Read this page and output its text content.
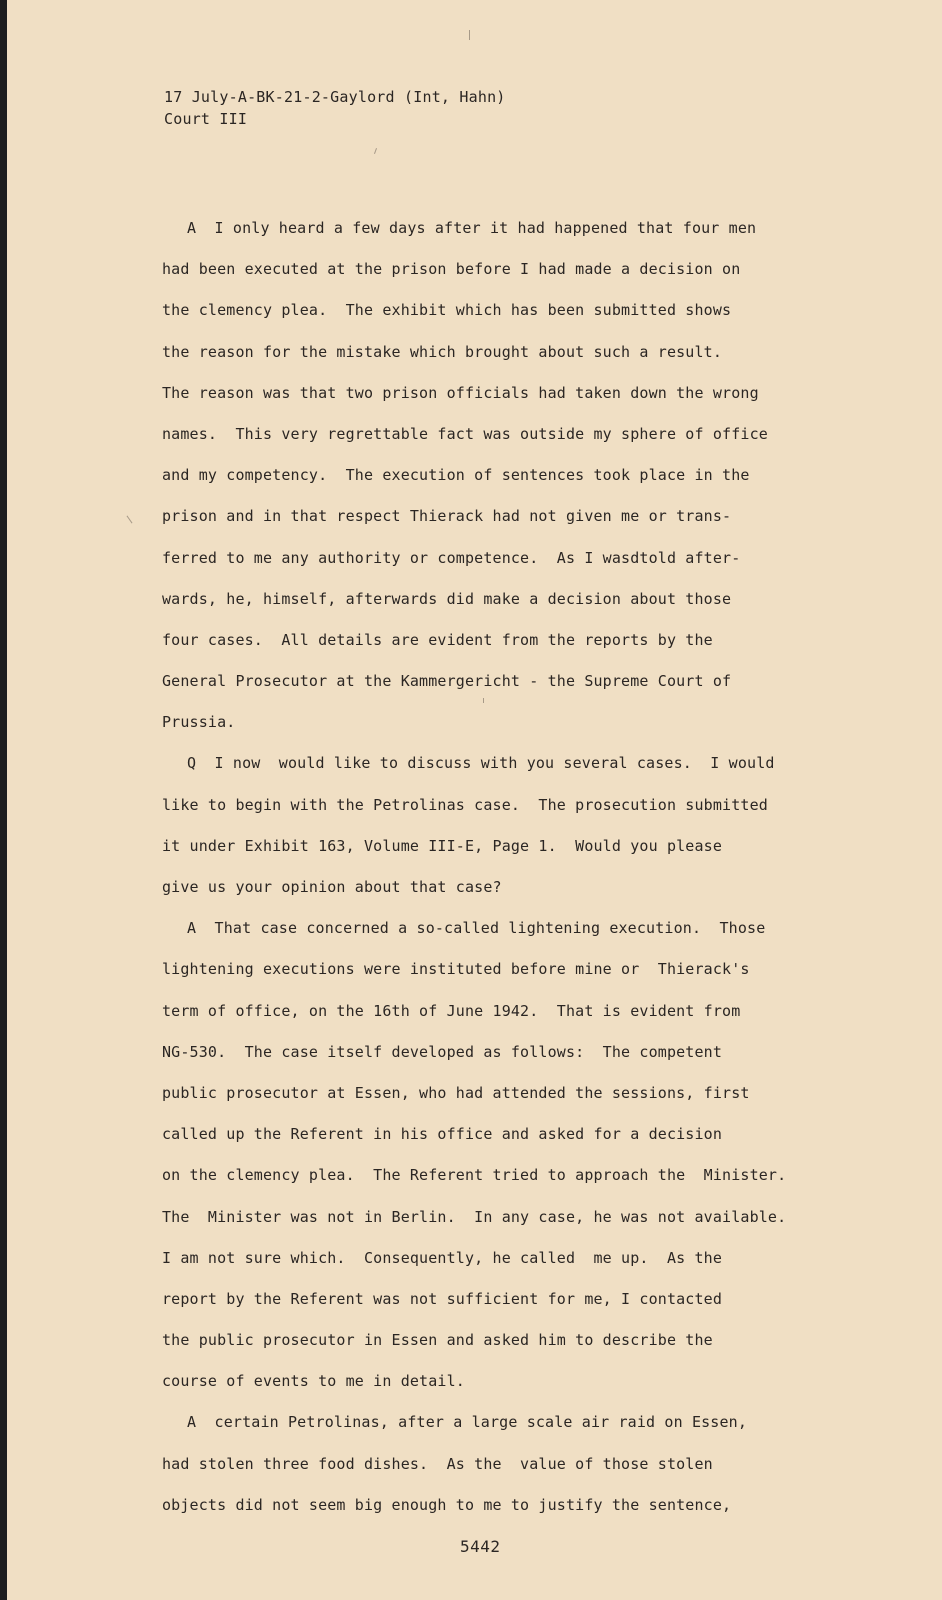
17 July-A-BK-21-2-Gaylord (Int, Hahn)
Court III
A  I only heard a few days after it had happened that four men
had been executed at the prison before I had made a decision on
the clemency plea.  The exhibit which has been submitted shows
the reason for the mistake which brought about such a result.
The reason was that two prison officials had taken down the wrong
names.  This very regrettable fact was outside my sphere of office
and my competency.  The execution of sentences took place in the
prison and in that respect Thierack had not given me or trans-
ferred to me any authority or competence.  As I wasdtold after-
wards, he, himself, afterwards did make a decision about those
four cases.  All details are evident from the reports by the
General Prosecutor at the Kammergericht - the Supreme Court of
Prussia.
Q  I now  would like to discuss with you several cases.  I would
like to begin with the Petrolinas case.  The prosecution submitted
it under Exhibit 163, Volume III-E, Page 1.  Would you please
give us your opinion about that case?
A  That case concerned a so-called lightening execution.  Those
lightening executions were instituted before mine or  Thierack's
term of office, on the 16th of June 1942.  That is evident from
NG-530.  The case itself developed as follows:  The competent
public prosecutor at Essen, who had attended the sessions, first
called up the Referent in his office and asked for a decision
on the clemency plea.  The Referent tried to approach the  Minister.
The  Minister was not in Berlin.  In any case, he was not available.
I am not sure which.  Consequently, he called  me up.  As the
report by the Referent was not sufficient for me, I contacted
the public prosecutor in Essen and asked him to describe the
course of events to me in detail.
A  certain Petrolinas, after a large scale air raid on Essen,
had stolen three food dishes.  As the  value of those stolen
objects did not seem big enough to me to justify the sentence,
5442
